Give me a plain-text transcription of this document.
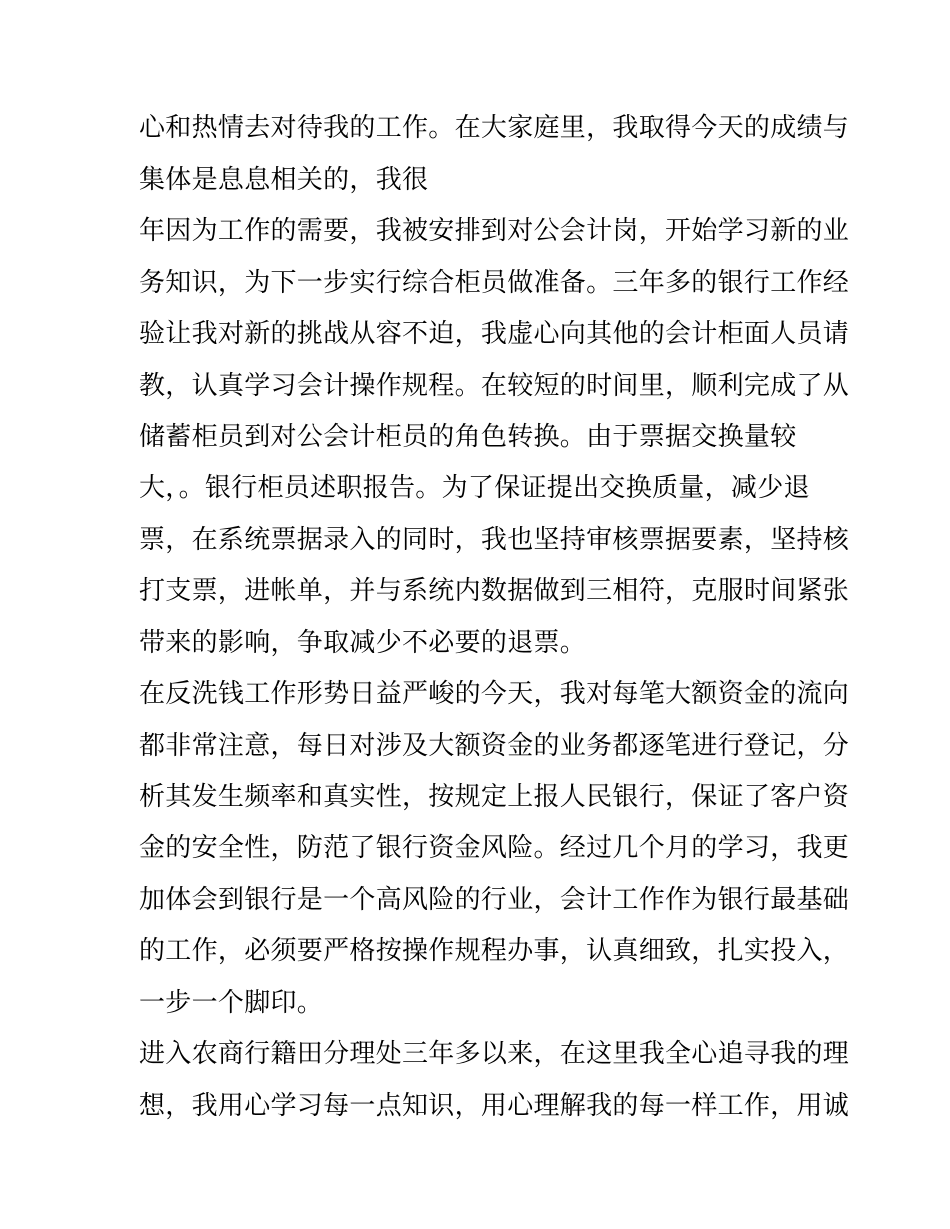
心和热情去对待我的工作。在大家庭里，我取得今天的成绩与
集体是息息相关的，我很
年因为工作的需要，我被安排到对公会计岗，开始学习新的业
务知识，为下一步实行综合柜员做准备。三年多的银行工作经
验让我对新的挑战从容不迫，我虚心向其他的会计柜面人员请
教，认真学习会计操作规程。在较短的时间里，顺利完成了从
储蓄柜员到对公会计柜员的角色转换。由于票据交换量较
大，。银行柜员述职报告。为了保证提出交换质量，减少退
票，在系统票据录入的同时，我也坚持审核票据要素，坚持核
打支票，进帐单，并与系统内数据做到三相符，克服时间紧张
带来的影响，争取减少不必要的退票。
在反洗钱工作形势日益严峻的今天，我对每笔大额资金的流向
都非常注意，每日对涉及大额资金的业务都逐笔进行登记，分
析其发生频率和真实性，按规定上报人民银行，保证了客户资
金的安全性，防范了银行资金风险。经过几个月的学习，我更
加体会到银行是一个高风险的行业，会计工作作为银行最基础
的工作，必须要严格按操作规程办事，认真细致，扎实投入，
一步一个脚印。
进入农商行籍田分理处三年多以来，在这里我全心追寻我的理
想，我用心学习每一点知识，用心理解我的每一样工作，用诚
